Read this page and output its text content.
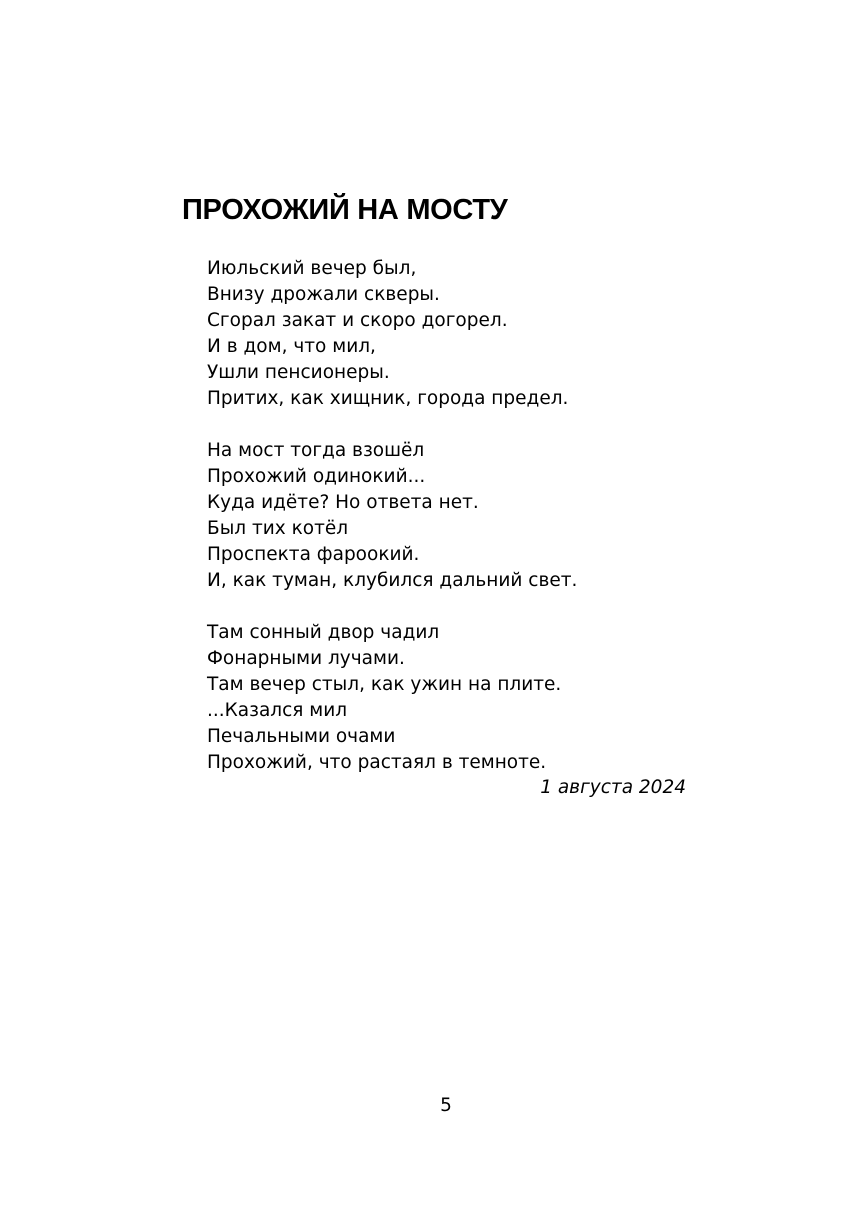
ПРОХОЖИЙ НА МОСТУ
Июльский вечер был,
Внизу дрожали скверы.
Сгорал закат и скоро догорел.
И в дом, что мил,
Ушли пенсионеры.
Притих, как хищник, города предел.
На мост тогда взошёл
Прохожий одинокий...
Куда идёте? Но ответа нет.
Был тих котёл
Проспекта фароокий.
И, как туман, клубился дальний свет.
Там сонный двор чадил
Фонарными лучами.
Там вечер стыл, как ужин на плите.
...Казался мил
Печальными очами
Прохожий, что растаял в темноте.
1 августа 2024
5
